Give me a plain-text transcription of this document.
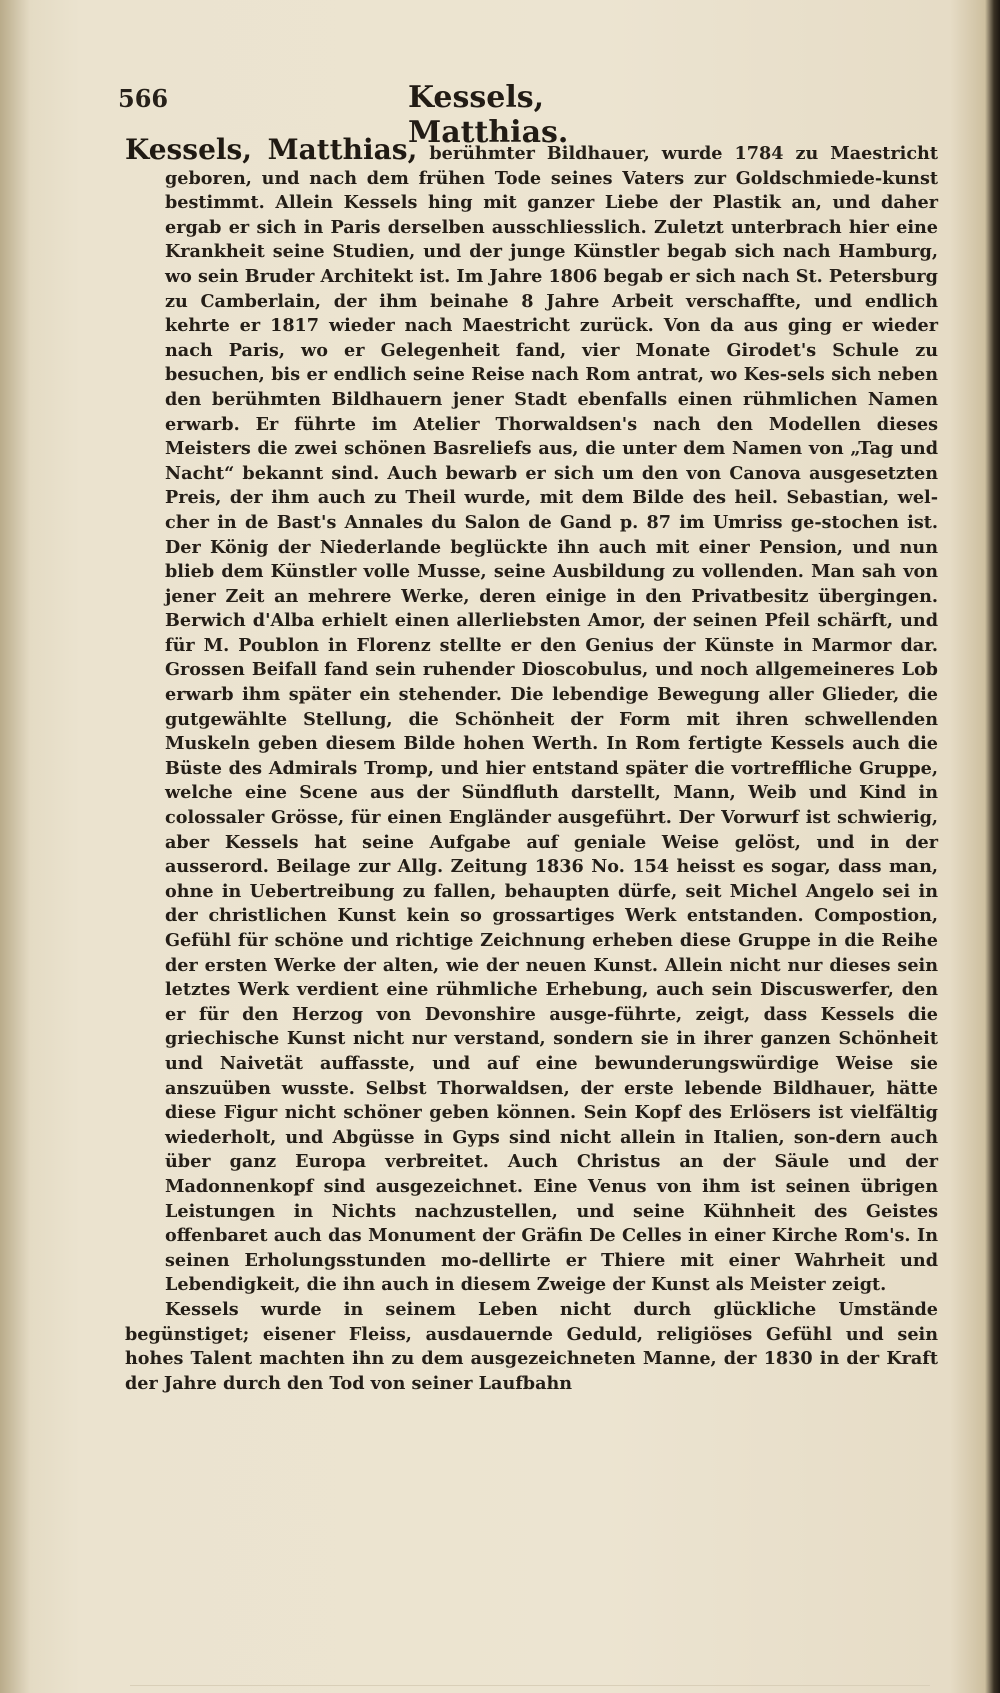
566	Kessels, Matthias.

Kessels, Matthias, berühmter Bildhauer, wurde 1784 zu Maestricht geboren, und nach dem frühen Tode seines Vaters zur Goldschmiede-kunst bestimmt. Allein Kessels hing mit ganzer Liebe der Plastik an, und daher ergab er sich in Paris derselben ausschliesslich. Zuletzt unterbrach hier eine Krankheit seine Studien, und der junge Künstler begab sich nach Hamburg, wo sein Bruder Architekt ist. Im Jahre 1806 begab er sich nach St. Petersburg zu Camberlain, der ihm beinahe 8 Jahre Arbeit verschaffte, und endlich kehrte er 1817 wieder nach Maestricht zurück. Von da aus ging er wieder nach Paris, wo er Gelegenheit fand, vier Monate Girodet's Schule zu besuchen, bis er endlich seine Reise nach Rom antrat, wo Kes-sels sich neben den berühmten Bildhauern jener Stadt ebenfalls einen rühmlichen Namen erwarb. Er führte im Atelier Thorwaldsen's nach den Modellen dieses Meisters die zwei schönen Basreliefs aus, die unter dem Namen von „Tag und Nacht“ bekannt sind. Auch bewarb er sich um den von Canova ausgesetzten Preis, der ihm auch zu Theil wurde, mit dem Bilde des heil. Sebastian, wel-cher in de Bast's Annales du Salon de Gand p. 87 im Umriss ge-stochen ist. Der König der Niederlande beglückte ihn auch mit einer Pension, und nun blieb dem Künstler volle Musse, seine Ausbildung zu vollenden. Man sah von jener Zeit an mehrere Werke, deren einige in den Privatbesitz übergingen. Berwich d'Alba erhielt einen allerliebsten Amor, der seinen Pfeil schärft, und für M. Poublon in Florenz stellte er den Genius der Künste in Marmor dar. Grossen Beifall fand sein ruhender Dioscobulus, und noch allgemeineres Lob erwarb ihm später ein stehender. Die lebendige Bewegung aller Glieder, die gutgewählte Stellung, die Schönheit der Form mit ihren schwellenden Muskeln geben diesem Bilde hohen Werth. In Rom fertigte Kessels auch die Büste des Admirals Tromp, und hier entstand später die vortreffliche Gruppe, welche eine Scene aus der Sündfluth darstellt, Mann, Weib und Kind in colossaler Grösse, für einen Engländer ausgeführt. Der Vorwurf ist schwierig, aber Kessels hat seine Aufgabe auf geniale Weise gelöst, und in der ausserord. Beilage zur Allg. Zeitung 1836 No. 154 heisst es sogar, dass man, ohne in Uebertreibung zu fallen, behaupten dürfe, seit Michel Angelo sei in der christlichen Kunst kein so grossartiges Werk entstanden. Compostion, Gefühl für schöne und richtige Zeichnung erheben diese Gruppe in die Reihe der ersten Werke der alten, wie der neuen Kunst. Allein nicht nur dieses sein letztes Werk verdient eine rühmliche Erhebung, auch sein Discuswerfer, den er für den Herzog von Devonshire ausge-führte, zeigt, dass Kessels die griechische Kunst nicht nur verstand, sondern sie in ihrer ganzen Schönheit und Naivetät auffasste, und auf eine bewunderungswürdige Weise sie anszuüben wusste. Selbst Thorwaldsen, der erste lebende Bildhauer, hätte diese Figur nicht schöner geben können. Sein Kopf des Erlösers ist vielfältig wiederholt, und Abgüsse in Gyps sind nicht allein in Italien, son-dern auch über ganz Europa verbreitet. Auch Christus an der Säule und der Madonnenkopf sind ausgezeichnet. Eine Venus von ihm ist seinen übrigen Leistungen in Nichts nachzustellen, und seine Kühnheit des Geistes offenbaret auch das Monument der Gräfin De Celles in einer Kirche Rom's. In seinen Erholungsstunden mo-dellirte er Thiere mit einer Wahrheit und Lebendigkeit, die ihn auch in diesem Zweige der Kunst als Meister zeigt.

Kessels wurde in seinem Leben nicht durch glückliche Umstände begünstiget; eisener Fleiss, ausdauernde Geduld, religiöses Gefühl und sein hohes Talent machten ihn zu dem ausgezeichneten Manne, der 1830 in der Kraft der Jahre durch den Tod von seiner Laufbahn
